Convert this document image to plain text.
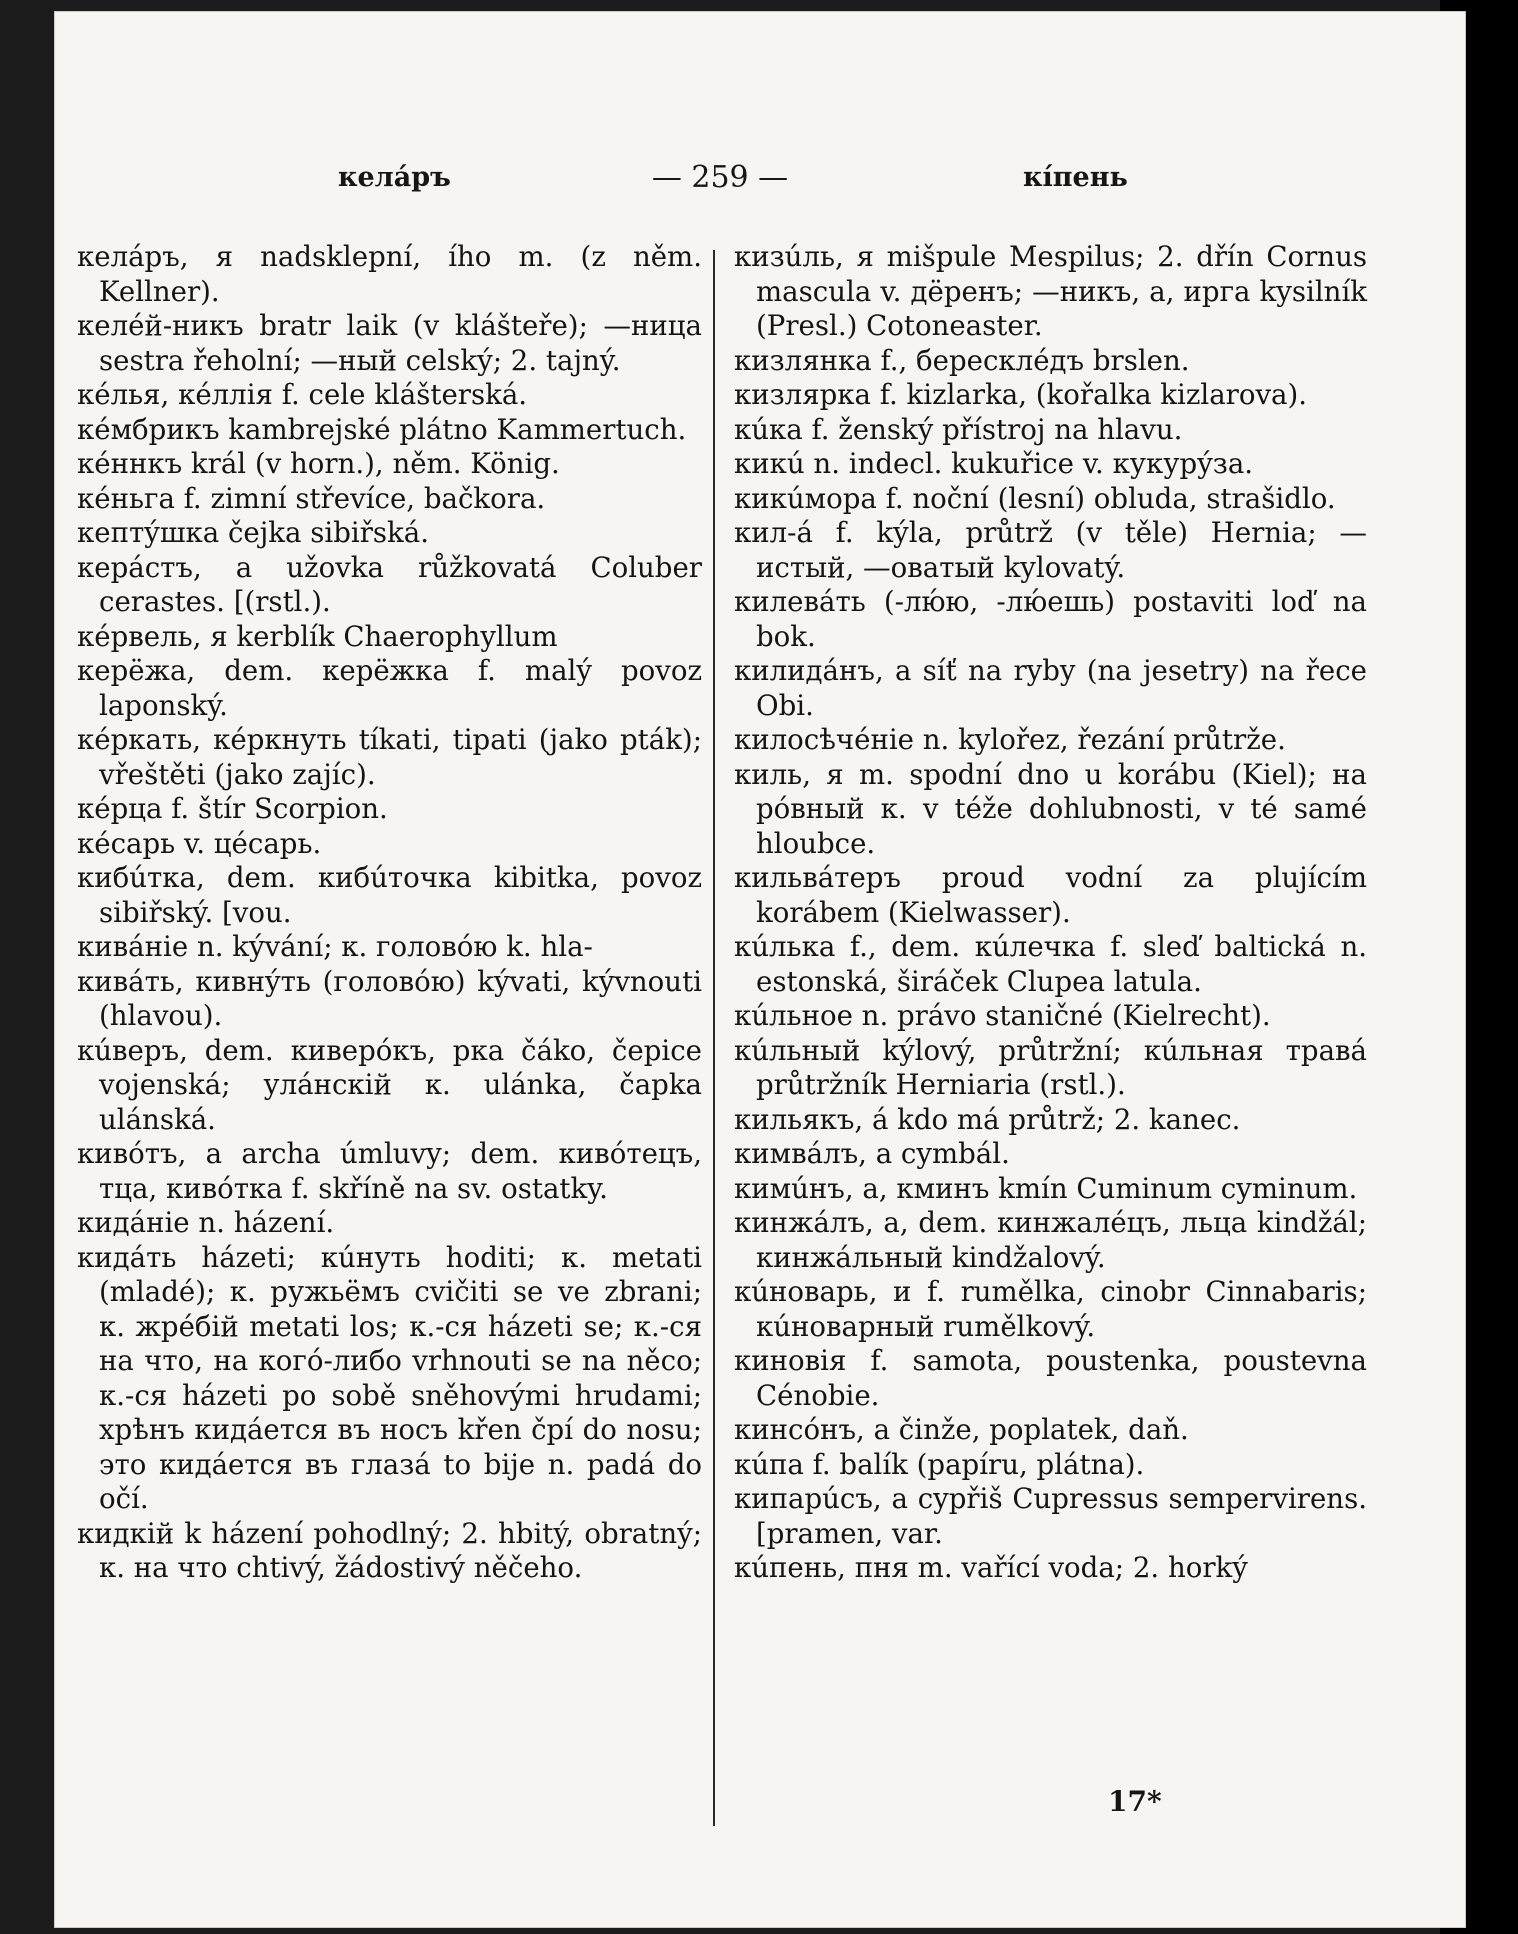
келáръ	— 259 —	кíпень

келáръ, я nadsklepní, ího m. (z něm. Kellner).

келéй-никъ bratr laik (v klášteře); —ница sestra řeholní; —ный celský; 2. tajný.

кéлья, кéллія f. cele klášterská.

кéмбрикъ kambrejské plátno Kammertuch.

кéннкъ král (v horn.), něm. König.

кéньга f. zimní střevíce, bačkora.

кептýшка čejka sibiřská.

керáстъ, а užovka růžkovatá Coluber cerastes. [(rstl.).

кéрвель, я kerblík Chaerophyllum

керёжа, dem. керёжка f. malý povoz laponský.

кéркать, кéркнуть tíkati, tipati (jako pták); vřeštěti (jako zajíc).

кéрца f. štír Scorpion.

кéсарь v. цéсарь.

кибúтка, dem. кибúточка kibitka, povoz sibiřský. [vou.

кивáніе n. kývání; к. головóю k. hla-

кивáть, кивнýть (головóю) kývati, kývnouti (hlavou).

кúверъ, dem. киверóкъ, рка čáko, čepice vojenská; улáнскій к. ulánka, čapka ulánská.

кивóтъ, а archa úmluvy; dem. кивóтецъ, тца, кивóтка f. skříně na sv. ostatky.

кидáніе n. házení.

кидáть házeti; кúнуть hoditi; к. metati (mladé); к. ружьёмъ cvičiti se ve zbrani; к. жрéбій metati los; к.-ся házeti se; к.-ся на что, на когó-либо vrhnouti se na něco; к.-ся házeti po sobě sněhovými hrudami; хрѣнъ кидáется въ носъ křen čpí do nosu; это кидáется въ глазá to bije n. padá do očí.

кидкій k házení pohodlný; 2. hbitý, obratný; к. на что chtivý, žádostivý něčeho.

кизúль, я mišpule Mespilus; 2. dřín Cornus mascula v. дёренъ; —никъ, а, ирга kysilník (Presl.) Cotoneaster.

кизлянка f., бересклéдъ brslen.

кизлярка f. kizlarka, (kořalka kizlarova).

кúка f. ženský přístroj na hlavu.

кикú n. indecl. kukuřice v. кукурýза.

кикúмора f. noční (lesní) obluda, strašidlo.

кил-á f. kýla, průtrž (v těle) Hernia; —истый, —оватый kylovatý.

килевáть (-лю́ю, -лю́ешь) postaviti loď na bok.

килидáнъ, а síť na ryby (na jesetry) na řece Obi.

килосѣчéніе n. kylořez, řezání průtrže.

киль, я m. spodní dno u korábu (Kiel); на рóвный к. v téže dohlubnosti, v té samé hloubce.

кильвáтеръ proud vodní za plujícím korábem (Kielwasser).

кúлька f., dem. кúлечка f. sleď baltická n. estonská, širáček Clupea latula.

кúльное n. právo staničné (Kielrecht).

кúльный kýlový, průtržní; кúльная травá průtržník Herniaria (rstl.).

кильякъ, á kdo má průtrž; 2. kanec.

кимвáлъ, а cymbál.

кимúнъ, а, кминъ kmín Cuminum cyminum.

кинжáлъ, а, dem. кинжалéцъ, льца kindžál; кинжáльный kindžalový.

кúноварь, и f. rumělka, cinobr Cinnabaris; кúноварный rumělkový.

киновія f. samota, poustenka, poustevna Cénobie.

кинсóнъ, а činže, poplatek, daň.

кúпа f. balík (papíru, plátna).

кипарúсъ, а cypřiš Cupressus sempervirens. [pramen, var.

кúпень, пня m. vařící voda; 2. horký

17*
